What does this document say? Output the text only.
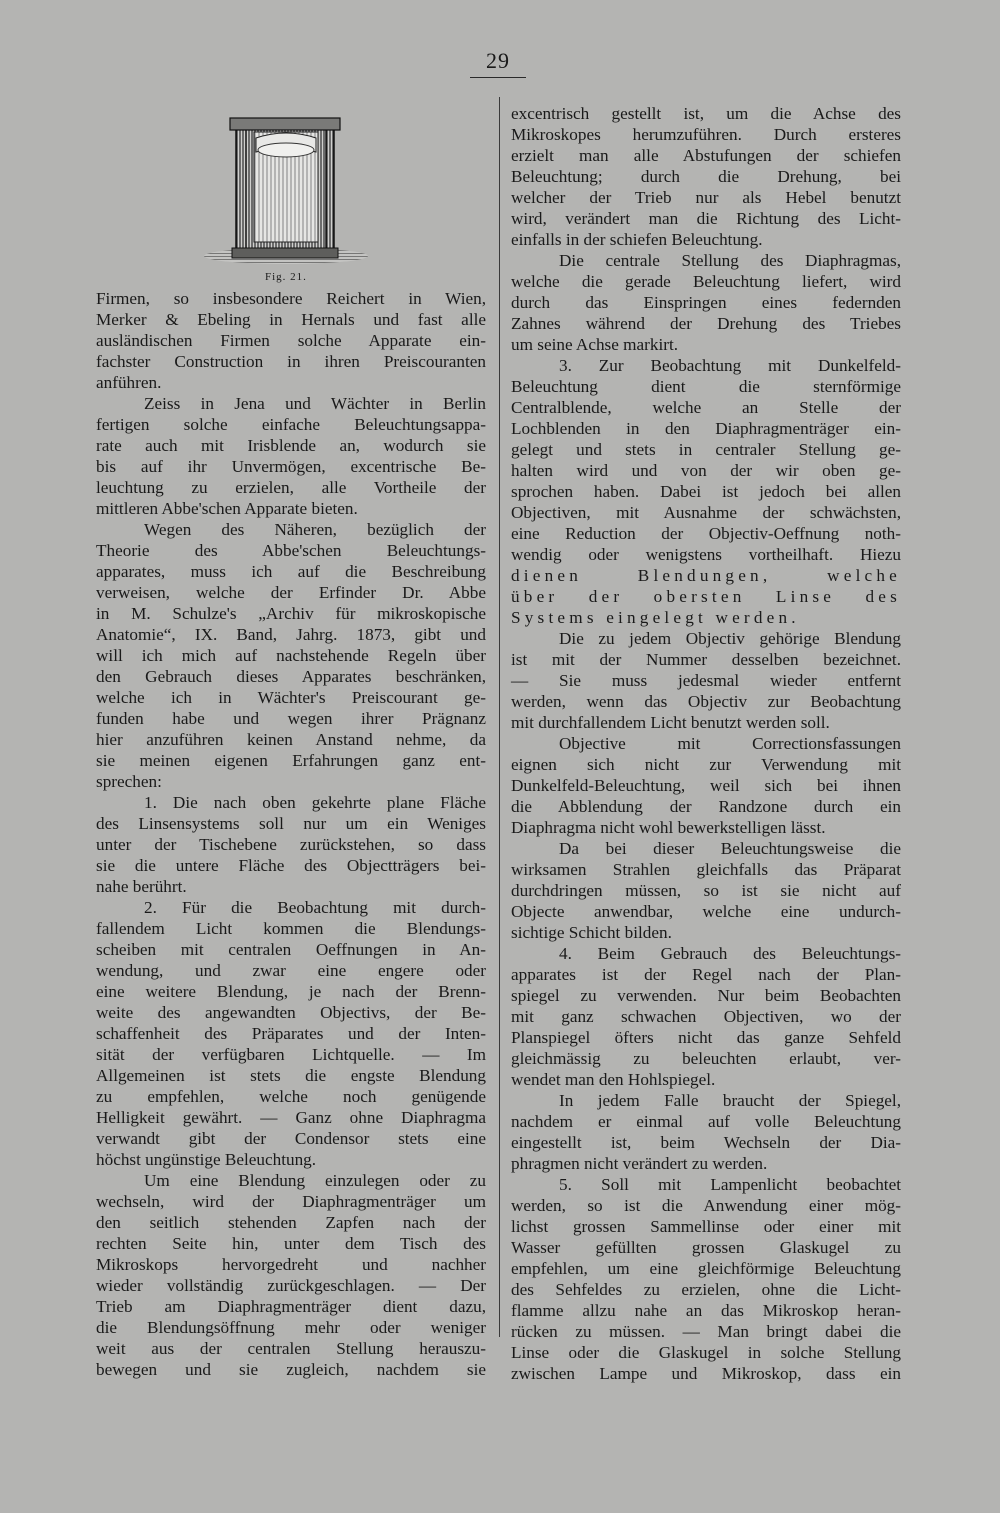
29
Fig. 21.
Firmen, so insbesondere Reichert in Wien,
Merker & Ebeling in Hernals und fast alle
ausländischen Firmen solche Apparate ein-
fachster Construction in ihren Preiscouranten
anführen.
Zeiss in Jena und Wächter in Berlin
fertigen solche einfache Beleuchtungsappa-
rate auch mit Irisblende an, wodurch sie
bis auf ihr Unvermögen, excentrische Be-
leuchtung zu erzielen, alle Vortheile der
mittleren Abbe'schen Apparate bieten.
Wegen des Näheren, bezüglich der
Theorie des Abbe'schen Beleuchtungs-
apparates, muss ich auf die Beschreibung
verweisen, welche der Erfinder Dr. Abbe
in M. Schulze's „Archiv für mikroskopische
Anatomie“, IX. Band, Jahrg. 1873, gibt und
will ich mich auf nachstehende Regeln über
den Gebrauch dieses Apparates beschränken,
welche ich in Wächter's Preiscourant ge-
funden habe und wegen ihrer Prägnanz
hier anzuführen keinen Anstand nehme, da
sie meinen eigenen Erfahrungen ganz ent-
sprechen:
1. Die nach oben gekehrte plane Fläche
des Linsensystems soll nur um ein Weniges
unter der Tischebene zurückstehen, so dass
sie die untere Fläche des Objectträgers bei-
nahe berührt.
2. Für die Beobachtung mit durch-
fallendem Licht kommen die Blendungs-
scheiben mit centralen Oeffnungen in An-
wendung, und zwar eine engere oder
eine weitere Blendung, je nach der Brenn-
weite des angewandten Objectivs, der Be-
schaffenheit des Präparates und der Inten-
sität der verfügbaren Lichtquelle. — Im
Allgemeinen ist stets die engste Blendung
zu empfehlen, welche noch genügende
Helligkeit gewährt. — Ganz ohne Diaphragma
verwandt gibt der Condensor stets eine
höchst ungünstige Beleuchtung.
Um eine Blendung einzulegen oder zu
wechseln, wird der Diaphragmenträger um
den seitlich stehenden Zapfen nach der
rechten Seite hin, unter dem Tisch des
Mikroskops hervorgedreht und nachher
wieder vollständig zurückgeschlagen. — Der
Trieb am Diaphragmenträger dient dazu,
die Blendungsöffnung mehr oder weniger
weit aus der centralen Stellung herauszu-
bewegen und sie zugleich, nachdem sie
excentrisch gestellt ist, um die Achse des
Mikroskopes herumzuführen. Durch ersteres
erzielt man alle Abstufungen der schiefen
Beleuchtung; durch die Drehung, bei
welcher der Trieb nur als Hebel benutzt
wird, verändert man die Richtung des Licht-
einfalls in der schiefen Beleuchtung.
Die centrale Stellung des Diaphragmas,
welche die gerade Beleuchtung liefert, wird
durch das Einspringen eines federnden
Zahnes während der Drehung des Triebes
um seine Achse markirt.
3. Zur Beobachtung mit Dunkelfeld-
Beleuchtung dient die sternförmige
Centralblende, welche an Stelle der
Lochblenden in den Diaphragmenträger ein-
gelegt und stets in centraler Stellung ge-
halten wird und von der wir oben ge-
sprochen haben. Dabei ist jedoch bei allen
Objectiven, mit Ausnahme der schwächsten,
eine Reduction der Objectiv-Oeffnung noth-
wendig oder wenigstens vortheilhaft. Hiezu
dienen Blendungen, welche
über der obersten Linse des
Systems eingelegt werden.
Die zu jedem Objectiv gehörige Blendung
ist mit der Nummer desselben bezeichnet.
— Sie muss jedesmal wieder entfernt
werden, wenn das Objectiv zur Beobachtung
mit durchfallendem Licht benutzt werden soll.
Objective mit Correctionsfassungen
eignen sich nicht zur Verwendung mit
Dunkelfeld-Beleuchtung, weil sich bei ihnen
die Abblendung der Randzone durch ein
Diaphragma nicht wohl bewerkstelligen lässt.
Da bei dieser Beleuchtungsweise die
wirksamen Strahlen gleichfalls das Präparat
durchdringen müssen, so ist sie nicht auf
Objecte anwendbar, welche eine undurch-
sichtige Schicht bilden.
4. Beim Gebrauch des Beleuchtungs-
apparates ist der Regel nach der Plan-
spiegel zu verwenden. Nur beim Beobachten
mit ganz schwachen Objectiven, wo der
Planspiegel öfters nicht das ganze Sehfeld
gleichmässig zu beleuchten erlaubt, ver-
wendet man den Hohlspiegel.
In jedem Falle braucht der Spiegel,
nachdem er einmal auf volle Beleuchtung
eingestellt ist, beim Wechseln der Dia-
phragmen nicht verändert zu werden.
5. Soll mit Lampenlicht beobachtet
werden, so ist die Anwendung einer mög-
lichst grossen Sammellinse oder einer mit
Wasser gefüllten grossen Glaskugel zu
empfehlen, um eine gleichförmige Beleuchtung
des Sehfeldes zu erzielen, ohne die Licht-
flamme allzu nahe an das Mikroskop heran-
rücken zu müssen. — Man bringt dabei die
Linse oder die Glaskugel in solche Stellung
zwischen Lampe und Mikroskop, dass ein
